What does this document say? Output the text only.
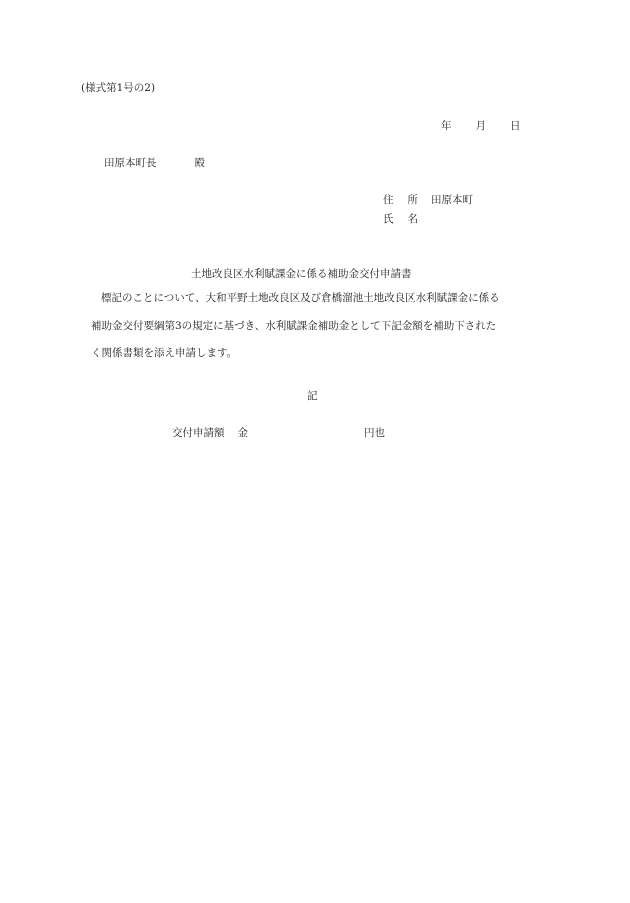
(様式第1号の2)
年 月 日
田原本町長	殿
住 所 田原本町
氏 名
土地改良区水利賦課金に係る補助金交付申請書
標記のことについて、大和平野土地改良区及び倉橋溜池土地改良区水利賦課金に係る
補助金交付要綱第3の規定に基づき、水利賦課金補助金として下記金額を補助下された
く関係書類を添え申請します。
記
交付申請額 金	円也
